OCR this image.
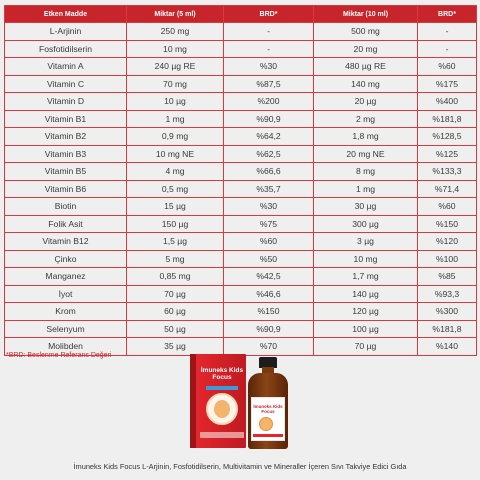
Etken Madde	Miktar (5 ml)	BRD*	Miktar (10 ml)	BRD*
L-Arjinin	250 mg	-	500 mg	-
Fosfotidilserin	10 mg	-	20 mg	-
Vitamin A	240 µg RE	%30	480 µg RE	%60
Vitamin C	70 mg	%87,5	140 mg	%175
Vitamin D	10 µg	%200	20 µg	%400
Vitamin B1	1 mg	%90,9	2 mg	%181,8
Vitamin B2	0,9 mg	%64,2	1,8 mg	%128,5
Vitamin B3	10 mg NE	%62,5	20 mg NE	%125
Vitamin B5	4 mg	%66,6	8 mg	%133,3
Vitamin B6	0,5 mg	%35,7	1 mg	%71,4
Biotin	15 µg	%30	30 µg	%60
Folik Asit	150 µg	%75	300 µg	%150
Vitamin B12	1,5 µg	%60	3 µg	%120
Çinko	5 mg	%50	10 mg	%100
Manganez	0,85 mg	%42,5	1,7 mg	%85
İyot	70 µg	%46,6	140 µg	%93,3
Krom	60 µg	%150	120 µg	%300
Selenyum	50 µg	%90,9	100 µg	%181,8
Molibden	35 µg	%70	70 µg	%140
*BRD: Beslenme Referans Değeri
İmuneks Kids Focus
İmuneks Kids Focus
İmuneks Kids Focus L-Arjinin, Fosfotidilserin, Multivitamin ve Mineraller İçeren Sıvı Takviye Edici Gıda
